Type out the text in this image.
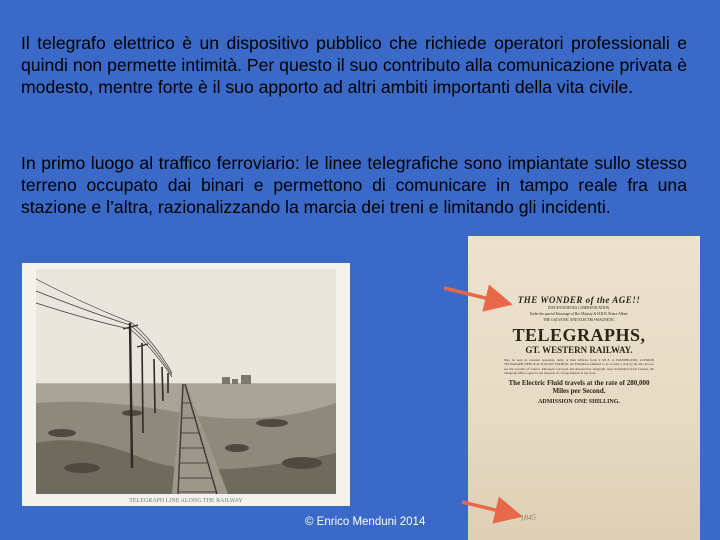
Il telegrafo elettrico è un dispositivo pubblico che richiede operatori professionali e quindi non permette intimità. Per questo il suo contributo alla comunicazione privata è modesto, mentre forte è il suo apporto ad altri ambiti importanti della vita civile.

In primo luogo al traffico ferroviario: le linee telegrafiche sono impiantate sullo stesso terreno occupato dai binari e permettono di comunicare in tampo reale fra una stazione e l’altra, razionalizzando la marcia dei treni e limitando gli incidenti.

TELEGRAPH LINE ALONG THE RAILWAY

THE WONDER of the AGE!!

INSTANTANEOUS COMMUNICATION.

Under the special Patronage of Her Majesty & H.R.H. Prince Albert.

THE GALVANIC AND ELECTRO-MAGNETIC

TELEGRAPHS,

GT. WESTERN RAILWAY.

May be seen in constant operation, daily, at their Offices, from 9 till 8, at PADDINGTON, LONDON TELEGRAPH OFFICE & SLOUGH STATION. An Exhibition admitted to be worthy a visit by all who love to see the wonders of science. Messages conveyed and answered by telegraph, news transmitted from London, the Telegraph Office open for the dispatch of correspondence at any hour.

The Electric Fluid travels at the rate of 280,000 Miles per Second.

ADMISSION ONE SHILLING.

1845
© Enrico Menduni 2014
